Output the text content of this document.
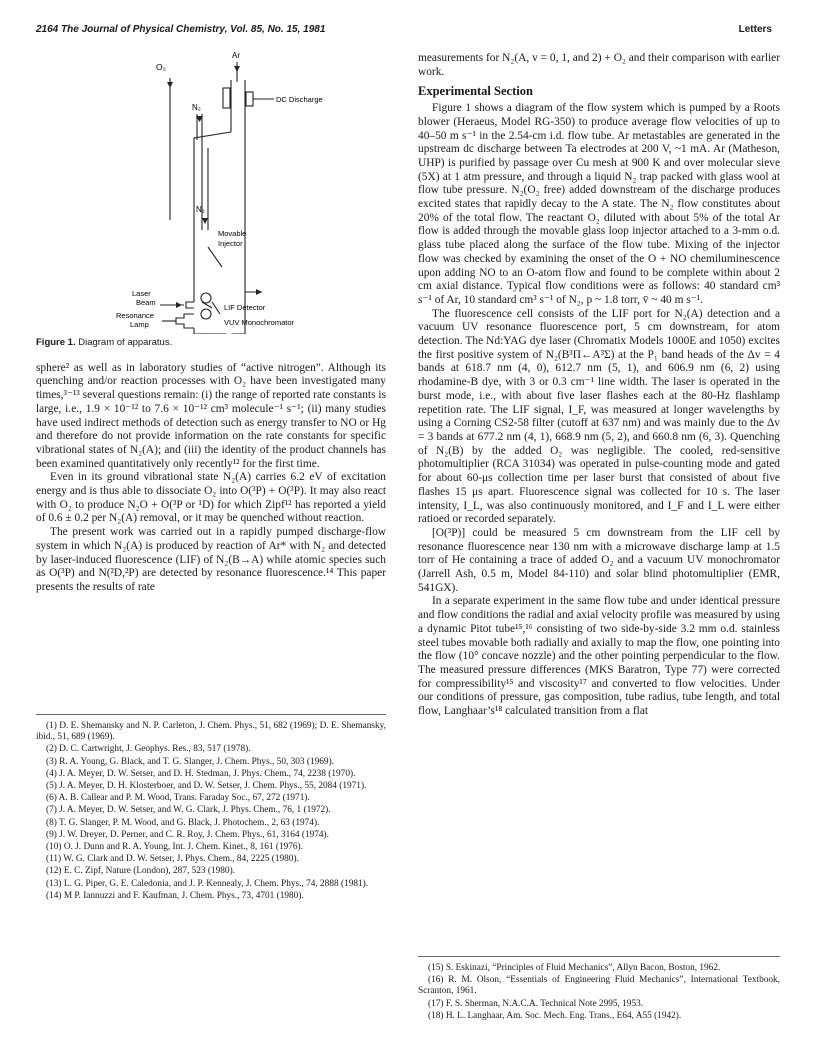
2164 The Journal of Physical Chemistry, Vol. 85, No. 15, 1981	Letters
O₂
Ar
N₂
DC Discharge
N₂
Movable
Injector
Laser
Beam
Resonance
Lamp
LIF Detector
VUV Monochromator
Figure 1. Diagram of apparatus.

sphere² as well as in laboratory studies of “active nitrogen”. Although its quenching and/or reaction processes with O₂ have been investigated many times,³⁻¹³ several questions remain: (i) the range of reported rate constants is large, i.e., 1.9 × 10⁻¹² to 7.6 × 10⁻¹² cm³ molecule⁻¹ s⁻¹; (ii) many studies have used indirect methods of detection such as energy transfer to NO or Hg and therefore do not provide information on the rate constants for specific vibrational states of N₂(A); and (iii) the identity of the product channels has been examined quantitatively only recently¹² for the first time.

Even in its ground vibrational state N₂(A) carries 6.2 eV of excitation energy and is thus able to dissociate O₂ into O(³P) + O(³P). It may also react with O₂ to produce N₂O + O(³P or ¹D) for which Zipf¹² has reported a yield of 0.6 ± 0.2 per N₂(A) removal, or it may be quenched without reaction.

The present work was carried out in a rapidly pumped discharge-flow system in which N₂(A) is produced by reaction of Ar* with N₂ and detected by laser-induced fluorescence (LIF) of N₂(B→A) while atomic species such as O(³P) and N(²D,²P) are detected by resonance fluorescence.¹⁴ This paper presents the results of rate

(1) D. E. Shemansky and N. P. Carleton, J. Chem. Phys., 51, 682 (1969); D. E. Shemansky, ibid., 51, 689 (1969).

(2) D. C. Cartwright, J. Geophys. Res., 83, 517 (1978).

(3) R. A. Young, G. Black, and T. G. Slanger, J. Chem. Phys., 50, 303 (1969).

(4) J. A. Meyer, D. W. Setser, and D. H. Stedman, J. Phys. Chem., 74, 2238 (1970).

(5) J. A. Meyer, D. H. Klosterboer, and D. W. Setser, J. Chem. Phys., 55, 2084 (1971).

(6) A. B. Callear and P. M. Wood, Trans. Faraday Soc., 67, 272 (1971).

(7) J. A. Meyer, D. W. Setser, and W. G. Clark, J. Phys. Chem., 76, 1 (1972).

(8) T. G. Slanger, P. M. Wood, and G. Black, J. Photochem., 2, 63 (1974).

(9) J. W. Dreyer, D. Perner, and C. R. Roy, J. Chem. Phys., 61, 3164 (1974).

(10) O. J. Dunn and R. A. Young, Int. J. Chem. Kinet., 8, 161 (1976).

(11) W. G. Clark and D. W. Setser, J. Phys. Chem., 84, 2225 (1980).

(12) E. C. Zipf, Nature (London), 287, 523 (1980).

(13) L. G. Piper, G. E. Caledonia, and J. P. Kennealy, J. Chem. Phys., 74, 2888 (1981).

(14) M P. Iannuzzi and F. Kaufman, J. Chem. Phys., 73, 4701 (1980).

measurements for N₂(A, v = 0, 1, and 2) + O₂ and their comparison with earlier work.

Experimental Section

Figure 1 shows a diagram of the flow system which is pumped by a Roots blower (Heraeus, Model RG-350) to produce average flow velocities of up to 40–50 m s⁻¹ in the 2.54-cm i.d. flow tube. Ar metastables are generated in the upstream dc discharge between Ta electrodes at 200 V, ~1 mA. Ar (Matheson, UHP) is purified by passage over Cu mesh at 900 K and over molecular sieve (5X) at 1 atm pressure, and through a liquid N₂ trap packed with glass wool at flow tube pressure. N₂(O₂ free) added downstream of the discharge produces excited states that rapidly decay to the A state. The N₂ flow constitutes about 20% of the total flow. The reactant O₂ diluted with about 5% of the total Ar flow is added through the movable glass loop injector attached to a 3-mm o.d. glass tube placed along the surface of the flow tube. Mixing of the injector flow was checked by examining the onset of the O + NO chemiluminescence upon adding NO to an O-atom flow and found to be complete within about 2 cm axial distance. Typical flow conditions were as follows: 40 standard cm³ s⁻¹ of Ar, 10 standard cm³ s⁻¹ of N₂, p ~ 1.8 torr, v̄ ~ 40 m s⁻¹.

The fluorescence cell consists of the LIF port for N₂(A) detection and a vacuum UV resonance fluorescence port, 5 cm downstream, for atom detection. The Nd:YAG dye laser (Chromatix Models 1000E and 1050) excites the first positive system of N₂(B³Π←A³Σ) at the P₁ band heads of the Δv = 4 bands at 618.7 nm (4, 0), 612.7 nm (5, 1), and 606.9 nm (6, 2) using rhodamine-B dye, with 3 or 0.3 cm⁻¹ line width. The laser is operated in the burst mode, i.e., with about five laser flashes each at the 80-Hz flashlamp repetition rate. The LIF signal, I_F, was measured at longer wavelengths by using a Corning CS2-58 filter (cutoff at 637 nm) and was mainly due to the Δv = 3 bands at 677.2 nm (4, 1), 668.9 nm (5, 2), and 660.8 nm (6, 3). Quenching of N₂(B) by the added O₂ was negligible. The cooled, red-sensitive photomultiplier (RCA 31034) was operated in pulse-counting mode and gated for about 60-μs collection time per laser burst that consisted of about five flashes 15 μs apart. Fluorescence signal was collected for 10 s. The laser intensity, I_L, was also continuously monitored, and I_F and I_L were either ratioed or recorded separately.

[O(³P)] could be measured 5 cm downstream from the LIF cell by resonance fluorescence near 130 nm with a microwave discharge lamp at 1.5 torr of He containing a trace of added O₂ and a vacuum UV monochromator (Jarrell Ash, 0.5 m, Model 84-110) and solar blind photomultiplier (EMR, 541GX).

In a separate experiment in the same flow tube and under identical pressure and flow conditions the radial and axial velocity profile was measured by using a dynamic Pitot tube¹⁵,¹⁶ consisting of two side-by-side 3.2 mm o.d. stainless steel tubes movable both radially and axially to map the flow, one pointing into the flow (10° concave nozzle) and the other pointing perpendicular to the flow. The measured pressure differences (MKS Baratron, Type 77) were corrected for compressibility¹⁵ and viscosity¹⁷ and converted to flow velocities. Under our conditions of pressure, gas composition, tube radius, tube length, and total flow, Langhaar’s¹⁸ calculated transition from a flat

(15) S. Eskinazi, “Principles of Fluid Mechanics”, Allyn Bacon, Boston, 1962.

(16) R. M. Olson, “Essentials of Engineering Fluid Mechanics”, International Textbook, Scranton, 1961.

(17) F. S. Sherman, N.A.C.A. Technical Note 2995, 1953.

(18) H. L. Langhaar, Am. Soc. Mech. Eng. Trans., E64, A55 (1942).
